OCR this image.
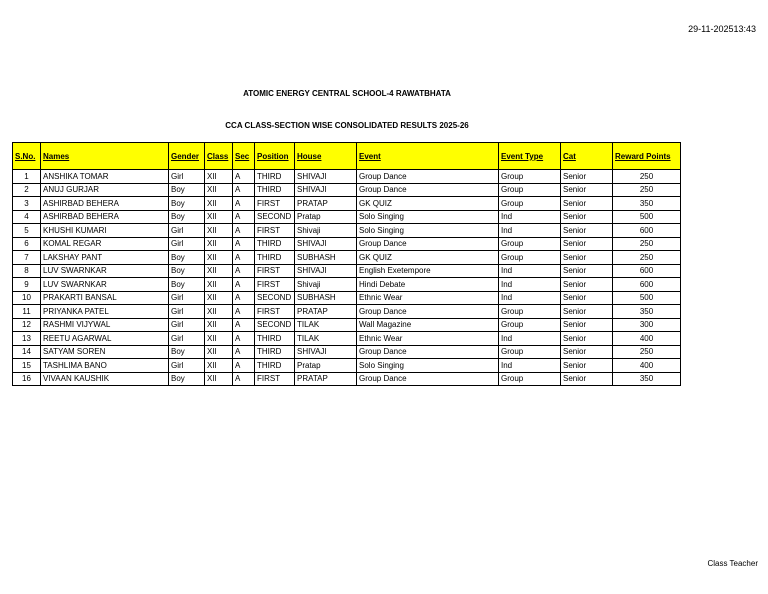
29-11-202513:43
ATOMIC ENERGY CENTRAL SCHOOL-4 RAWATBHATA
CCA CLASS-SECTION WISE CONSOLIDATED RESULTS 2025-26
S.No.	Names	Gender	Class	Sec	Position	House	Event	Event Type	Cat	Reward Points
1	ANSHIKA TOMAR	Girl	XII	A	THIRD	SHIVAJI	Group Dance	Group	Senior	250
2	ANUJ GURJAR	Boy	XII	A	THIRD	SHIVAJI	Group Dance	Group	Senior	250
3	ASHIRBAD BEHERA	Boy	XII	A	FIRST	PRATAP	GK QUIZ	Group	Senior	350
4	ASHIRBAD BEHERA	Boy	XII	A	SECOND	Pratap	Solo Singing	Ind	Senior	500
5	KHUSHI KUMARI	Girl	XII	A	FIRST	Shivaji	Solo Singing	Ind	Senior	600
6	KOMAL REGAR	Girl	XII	A	THIRD	SHIVAJI	Group Dance	Group	Senior	250
7	LAKSHAY PANT	Boy	XII	A	THIRD	SUBHASH	GK QUIZ	Group	Senior	250
8	LUV SWARNKAR	Boy	XII	A	FIRST	SHIVAJI	English Exetempore	Ind	Senior	600
9	LUV SWARNKAR	Boy	XII	A	FIRST	Shivaji	Hindi Debate	Ind	Senior	600
10	PRAKARTI BANSAL	Girl	XII	A	SECOND	SUBHASH	Ethnic Wear	Ind	Senior	500
11	PRIYANKA PATEL	Girl	XII	A	FIRST	PRATAP	Group Dance	Group	Senior	350
12	RASHMI VIJYWAL	Girl	XII	A	SECOND	TILAK	Wall Magazine	Group	Senior	300
13	REETU AGARWAL	Girl	XII	A	THIRD	TILAK	Ethnic Wear	Ind	Senior	400
14	SATYAM SOREN	Boy	XII	A	THIRD	SHIVAJI	Group Dance	Group	Senior	250
15	TASHLIMA BANO	Girl	XII	A	THIRD	Pratap	Solo Singing	Ind	Senior	400
16	VIVAAN KAUSHIK	Boy	XII	A	FIRST	PRATAP	Group Dance	Group	Senior	350
Class Teacher
